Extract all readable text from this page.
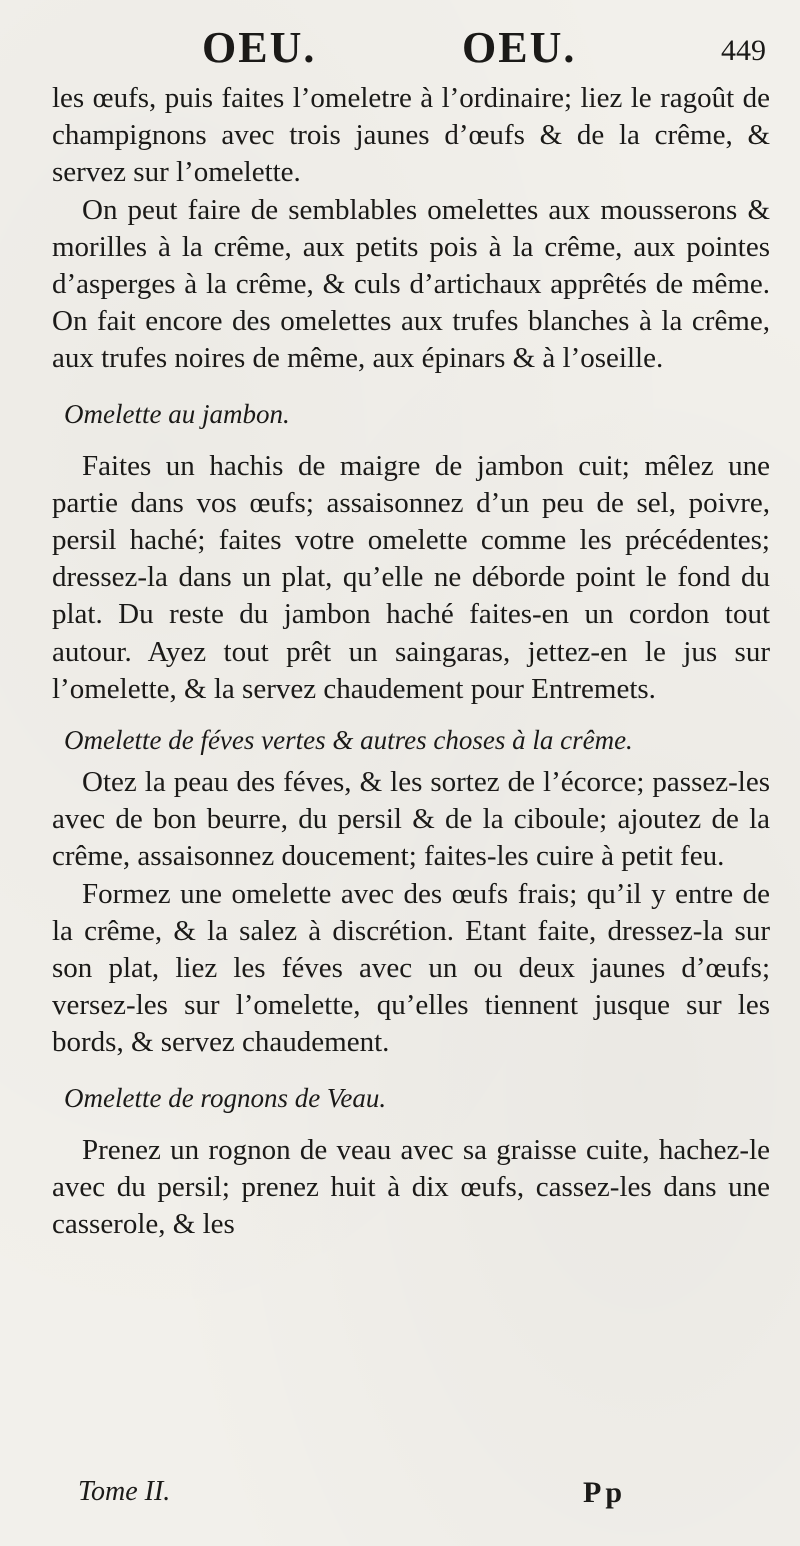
OEU.	OEU.	449

les œufs, puis faites l’omeletre à l’ordinaire; liez le ragoût de champignons avec trois jaunes d’œufs & de la crême, & servez sur l’omelette.

On peut faire de semblables omelettes aux mousserons & morilles à la crême, aux petits pois à la crême, aux pointes d’asperges à la crême, & culs d’artichaux apprêtés de même. On fait encore des omelettes aux trufes blanches à la crême, aux trufes noires de même, aux épinars & à l’oseille.

Omelette au jambon.

Faites un hachis de maigre de jambon cuit; mêlez une partie dans vos œufs; assaisonnez d’un peu de sel, poivre, persil haché; faites votre omelette comme les précédentes; dressez-la dans un plat, qu’elle ne déborde point le fond du plat. Du reste du jambon haché faites-en un cordon tout autour. Ayez tout prêt un saingaras, jettez-en le jus sur l’omelette, & la servez chaudement pour Entremets.

Omelette de féves vertes & autres choses à la crême.

Otez la peau des féves, & les sortez de l’écorce; passez-les avec de bon beurre, du persil & de la ciboule; ajoutez de la crême, assaisonnez doucement; faites-les cuire à petit feu.

Formez une omelette avec des œufs frais; qu’il y entre de la crême, & la salez à discrétion. Etant faite, dressez-la sur son plat, liez les féves avec un ou deux jaunes d’œufs; versez-les sur l’omelette, qu’elles tiennent jusque sur les bords, & servez chaudement.

Omelette de rognons de Veau.

Prenez un rognon de veau avec sa graisse cuite, hachez-le avec du persil; prenez huit à dix œufs, cassez-les dans une casserole, & les

Tome II.	Pp
